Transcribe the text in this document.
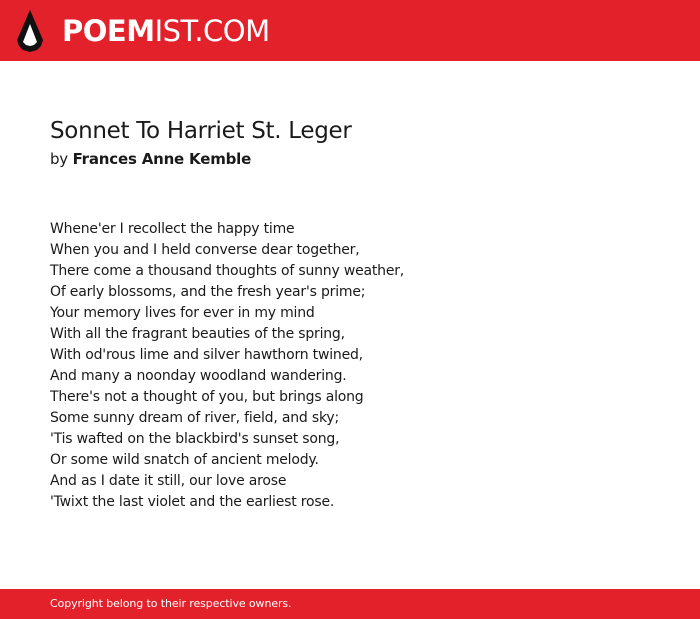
POEMIST.COM
Sonnet To Harriet St. Leger
by Frances Anne Kemble
Whene'er I recollect the happy time
When you and I held converse dear together,
There come a thousand thoughts of sunny weather,
Of early blossoms, and the fresh year's prime;
Your memory lives for ever in my mind
With all the fragrant beauties of the spring,
With od'rous lime and silver hawthorn twined,
And many a noonday woodland wandering.
There's not a thought of you, but brings along
Some sunny dream of river, field, and sky;
'Tis wafted on the blackbird's sunset song,
Or some wild snatch of ancient melody.
And as I date it still, our love arose
'Twixt the last violet and the earliest rose.
Copyright belong to their respective owners.
